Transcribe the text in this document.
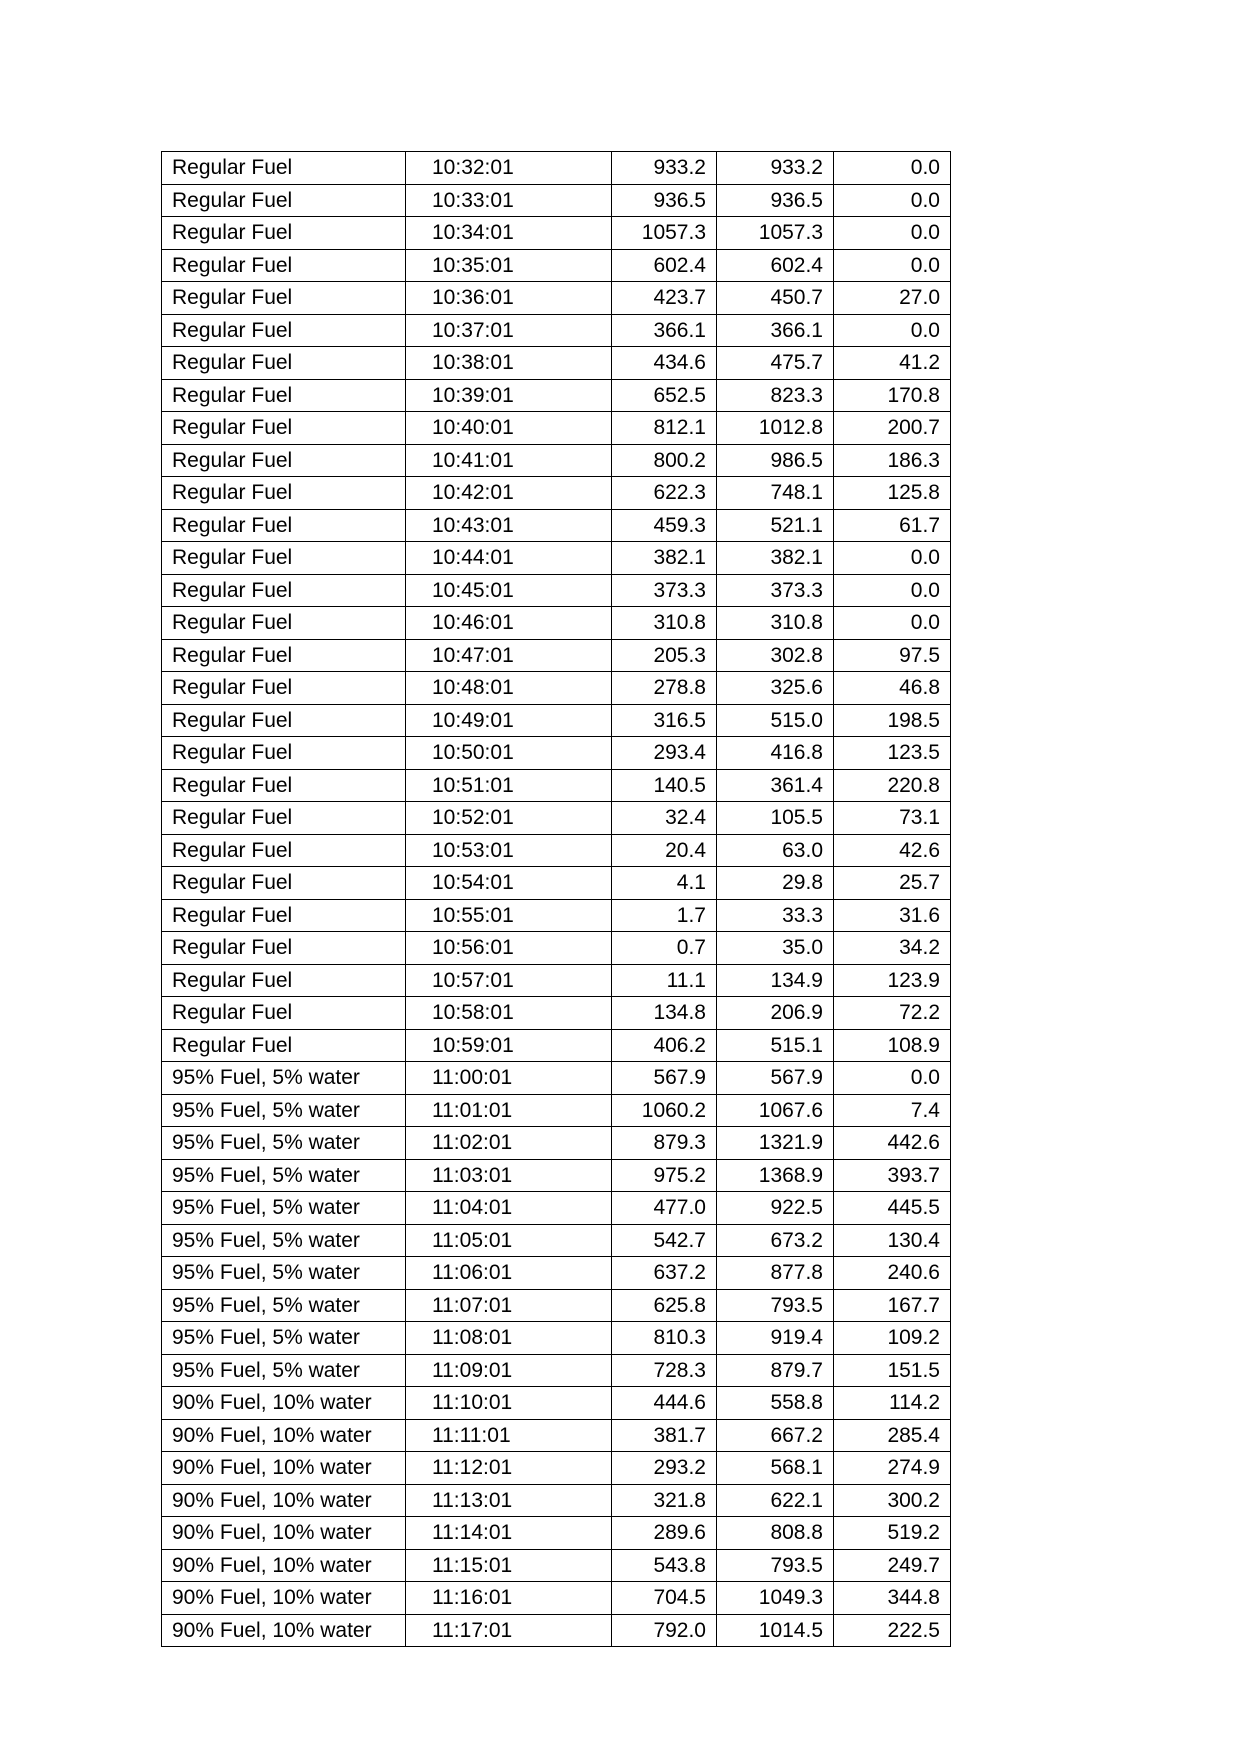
Regular Fuel	10:32:01	933.2	933.2	0.0
Regular Fuel	10:33:01	936.5	936.5	0.0
Regular Fuel	10:34:01	1057.3	1057.3	0.0
Regular Fuel	10:35:01	602.4	602.4	0.0
Regular Fuel	10:36:01	423.7	450.7	27.0
Regular Fuel	10:37:01	366.1	366.1	0.0
Regular Fuel	10:38:01	434.6	475.7	41.2
Regular Fuel	10:39:01	652.5	823.3	170.8
Regular Fuel	10:40:01	812.1	1012.8	200.7
Regular Fuel	10:41:01	800.2	986.5	186.3
Regular Fuel	10:42:01	622.3	748.1	125.8
Regular Fuel	10:43:01	459.3	521.1	61.7
Regular Fuel	10:44:01	382.1	382.1	0.0
Regular Fuel	10:45:01	373.3	373.3	0.0
Regular Fuel	10:46:01	310.8	310.8	0.0
Regular Fuel	10:47:01	205.3	302.8	97.5
Regular Fuel	10:48:01	278.8	325.6	46.8
Regular Fuel	10:49:01	316.5	515.0	198.5
Regular Fuel	10:50:01	293.4	416.8	123.5
Regular Fuel	10:51:01	140.5	361.4	220.8
Regular Fuel	10:52:01	32.4	105.5	73.1
Regular Fuel	10:53:01	20.4	63.0	42.6
Regular Fuel	10:54:01	4.1	29.8	25.7
Regular Fuel	10:55:01	1.7	33.3	31.6
Regular Fuel	10:56:01	0.7	35.0	34.2
Regular Fuel	10:57:01	11.1	134.9	123.9
Regular Fuel	10:58:01	134.8	206.9	72.2
Regular Fuel	10:59:01	406.2	515.1	108.9
95% Fuel, 5% water	11:00:01	567.9	567.9	0.0
95% Fuel, 5% water	11:01:01	1060.2	1067.6	7.4
95% Fuel, 5% water	11:02:01	879.3	1321.9	442.6
95% Fuel, 5% water	11:03:01	975.2	1368.9	393.7
95% Fuel, 5% water	11:04:01	477.0	922.5	445.5
95% Fuel, 5% water	11:05:01	542.7	673.2	130.4
95% Fuel, 5% water	11:06:01	637.2	877.8	240.6
95% Fuel, 5% water	11:07:01	625.8	793.5	167.7
95% Fuel, 5% water	11:08:01	810.3	919.4	109.2
95% Fuel, 5% water	11:09:01	728.3	879.7	151.5
90% Fuel, 10% water	11:10:01	444.6	558.8	114.2
90% Fuel, 10% water	11:11:01	381.7	667.2	285.4
90% Fuel, 10% water	11:12:01	293.2	568.1	274.9
90% Fuel, 10% water	11:13:01	321.8	622.1	300.2
90% Fuel, 10% water	11:14:01	289.6	808.8	519.2
90% Fuel, 10% water	11:15:01	543.8	793.5	249.7
90% Fuel, 10% water	11:16:01	704.5	1049.3	344.8
90% Fuel, 10% water	11:17:01	792.0	1014.5	222.5
